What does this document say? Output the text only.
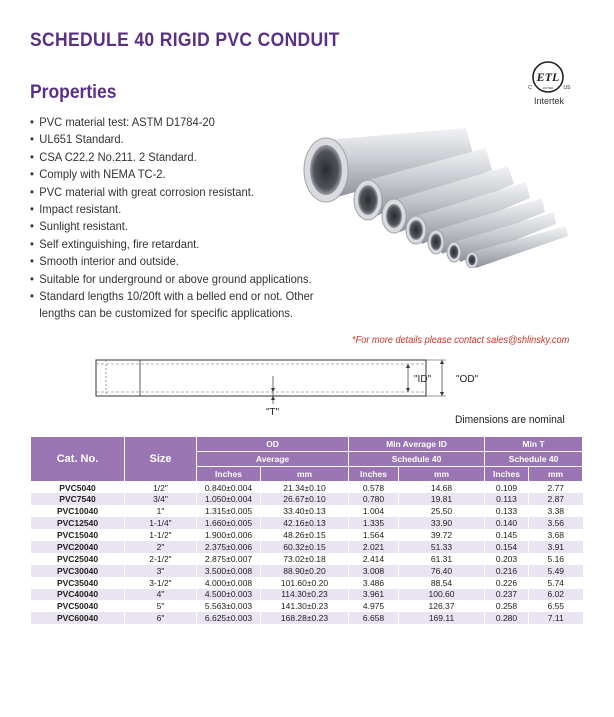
SCHEDULE 40 RIGID PVC CONDUIT
ETL
C	US
LISTED
Intertek
Properties
• PVC material test: ASTM D1784-20
• UL651 Standard.
• CSA C22.2 No.211. 2 Standard.
• Comply with NEMA TC-2.
• PVC material with great corrosion resistant.
• Impact resistant.
• Sunlight resistant.
• Self extinguishing, fire retardant.
• Smooth interior and outside.
• Suitable for underground or above ground applications.
• Standard lengths 10/20ft with a belled end or not. Other lengths can be customized for specific applications.
*For more details please contact sales@shlinsky.com
"ID" "OD"
"T"
Dimensions are nominal
Cat. No.	Size	OD		Min Average ID		Min T	
		Average		Schedule 40		Schedule 40	
		Inches	mm	Inches	mm	Inches	mm
PVC5040	1/2"	0.840±0.004	21.34±0.10	0.578	14.68	0.109	2.77
PVC7540	3/4"	1.050±0.004	26.67±0.10	0.780	19.81	0.113	2.87
PVC10040	1"	1.315±0.005	33.40±0.13	1.004	25.50	0.133	3.38
PVC12540	1-1/4"	1.660±0.005	42.16±0.13	1.335	33.90	0.140	3.56
PVC15040	1-1/2"	1.900±0.006	48.26±0.15	1.564	39.72	0.145	3.68
PVC20040	2"	2.375±0.006	60.32±0.15	2.021	51.33	0.154	3.91
PVC25040	2-1/2"	2.875±0.007	73.02±0.18	2.414	61.31	0.203	5.16
PVC30040	3"	3.500±0.008	88.90±0.20	3.008	76.40	0.216	5.49
PVC35040	3-1/2"	4.000±0.008	101.60±0.20	3.486	88.54	0.226	5.74
PVC40040	4"	4.500±0.003	114.30±0.23	3.961	100.60	0.237	6.02
PVC50040	5"	5.563±0.003	141.30±0.23	4.975	126.37	0.258	6.55
PVC60040	6"	6.625±0.003	168.28±0.23	6.658	169.11	0.280	7.11
